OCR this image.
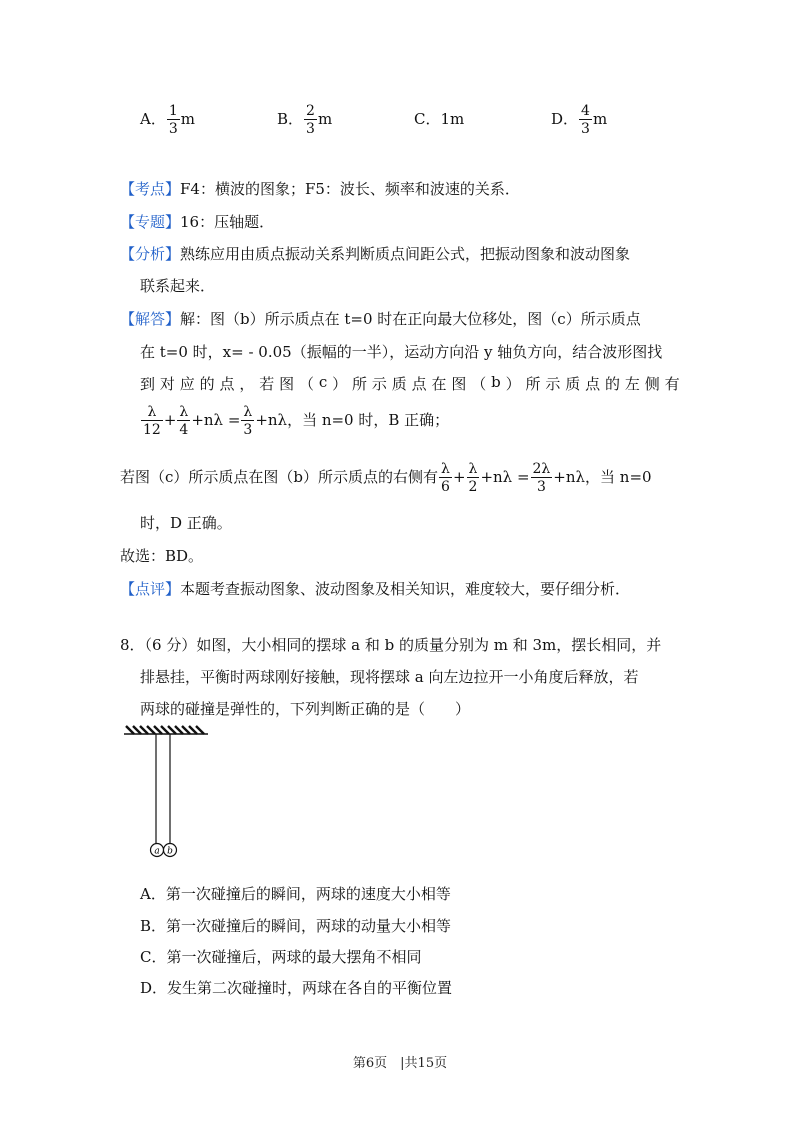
A． $\frac{1}{3}$ m	B． $\frac{2}{3}$ m	C．1m	D． $\frac{4}{3}$ m
【考点】F4：横波的图象；F5：波长、频率和波速的关系．
【专题】16：压轴题．
【分析】熟练应用由质点振动关系判断质点间距公式，把振动图象和波动图象
联系起来．
【解答】解：图（b）所示质点在 t=0 时在正向最大位移处，图（c）所示质点
在 t=0 时，x= - 0.05（振幅的一半），运动方向沿 y 轴负方向，结合波形图找
到 对 应 的 点 ， 若 图 （ c ） 所 示 质 点 在 图 （ b ） 所 示 质 点 的 左 侧 有
$\frac{\lambda}{12} + \frac{\lambda}{4} +n\lambda = \frac{\lambda}{3} +n\lambda$，当 n=0 时，B 正确；
若图（c）所示质点在图（b）所示质点的右侧有 $\frac{\lambda}{6} + \frac{\lambda}{2} +n\lambda = \frac{2\lambda}{3} +n\lambda$，当 n=0
时，D 正确。
故选：BD。
【点评】本题考查振动图象、波动图象及相关知识，难度较大，要仔细分析．
8．（6 分）如图，大小相同的摆球 a 和 b 的质量分别为 m 和 3m，摆长相同，并
排悬挂，平衡时两球刚好接触，现将摆球 a 向左边拉开一小角度后释放，若
两球的碰撞是弹性的，下列判断正确的是（　　）
a b
A．第一次碰撞后的瞬间，两球的速度大小相等
B．第一次碰撞后的瞬间，两球的动量大小相等
C．第一次碰撞后，两球的最大摆角不相同
D．发生第二次碰撞时，两球在各自的平衡位置
第6页　|共15页
